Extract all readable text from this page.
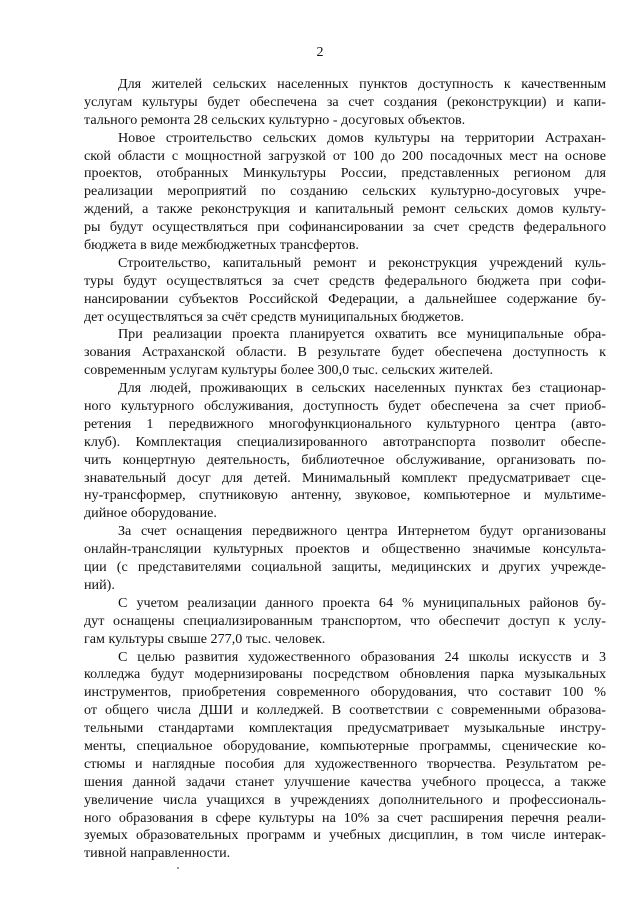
2
Для жителей сельских населенных пунктов доступность к качественным
услугам культуры будет обеспечена за счет создания (реконструкции) и капи-
тального ремонта 28 сельских культурно - досуговых объектов.
Новое строительство сельских домов культуры на территории Астрахан-
ской области с мощностной загрузкой от 100 до 200 посадочных мест на основе
проектов, отобранных Минкультуры России, представленных регионом для
реализации мероприятий по созданию сельских культурно-досуговых учре-
ждений, а также реконструкция и капитальный ремонт сельских домов культу-
ры будут осуществляться при софинансировании за счет средств федерального
бюджета в виде межбюджетных трансфертов.
Строительство, капитальный ремонт и реконструкция учреждений куль-
туры будут осуществляться за счет средств федерального бюджета при софи-
нансировании субъектов Российской Федерации, а дальнейшее содержание бу-
дет осуществляться за счёт средств муниципальных бюджетов.
При реализации проекта планируется охватить все муниципальные обра-
зования Астраханской области. В результате будет обеспечена доступность к
современным услугам культуры более 300,0 тыс. сельских жителей.
Для людей, проживающих в сельских населенных пунктах без стационар-
ного культурного обслуживания, доступность будет обеспечена за счет приоб-
ретения 1 передвижного многофункционального культурного центра (авто-
клуб). Комплектация специализированного автотранспорта позволит обеспе-
чить концертную деятельность, библиотечное обслуживание, организовать по-
знавательный досуг для детей. Минимальный комплект предусматривает сце-
ну-трансформер, спутниковую антенну, звуковое, компьютерное и мультиме-
дийное оборудование.
За счет оснащения передвижного центра Интернетом будут организованы
онлайн-трансляции культурных проектов и общественно значимые консульта-
ции (с представителями социальной защиты, медицинских и других учрежде-
ний).
С учетом реализации данного проекта 64 % муниципальных районов бу-
дут оснащены специализированным транспортом, что обеспечит доступ к услу-
гам культуры свыше 277,0 тыс. человек.
С целью развития художественного образования 24 школы искусств и 3
колледжа будут модернизированы посредством обновления парка музыкальных
инструментов, приобретения современного оборудования, что составит 100 %
от общего числа ДШИ и колледжей. В соответствии с современными образова-
тельными стандартами комплектация предусматривает музыкальные инстру-
менты, специальное оборудование, компьютерные программы, сценические ко-
стюмы и наглядные пособия для художественного творчества. Результатом ре-
шения данной задачи станет улучшение качества учебного процесса, а также
увеличение числа учащихся в учреждениях дополнительного и профессиональ-
ного образования в сфере культуры на 10% за счет расширения перечня реали-
зуемых образовательных программ и учебных дисциплин, в том числе интерак-
тивной направленности.
